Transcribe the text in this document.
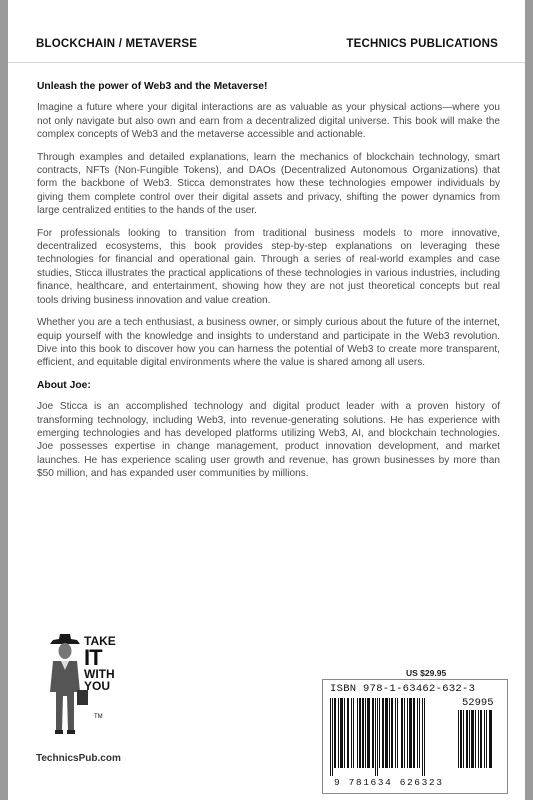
BLOCKCHAIN / METAVERSE	TECHNICS PUBLICATIONS

Unleash the power of Web3 and the Metaverse!

Imagine a future where your digital interactions are as valuable as your physical actions—where you not only navigate but also own and earn from a decentralized digital universe. This book will make the complex concepts of Web3 and the metaverse accessible and actionable.

Through examples and detailed explanations, learn the mechanics of blockchain technology, smart contracts, NFTs (Non-Fungible Tokens), and DAOs (Decentralized Autonomous Organizations) that form the backbone of Web3. Sticca demonstrates how these technologies empower individuals by giving them complete control over their digital assets and privacy, shifting the power dynamics from large centralized entities to the hands of the user.

For professionals looking to transition from traditional business models to more innovative, decentralized ecosystems, this book provides step-by-step explanations on leveraging these technologies for financial and operational gain. Through a series of real-world examples and case studies, Sticca illustrates the practical applications of these technologies in various industries, including finance, healthcare, and entertainment, showing how they are not just theoretical concepts but real tools driving business innovation and value creation.

Whether you are a tech enthusiast, a business owner, or simply curious about the future of the internet, equip yourself with the knowledge and insights to understand and participate in the Web3 revolution. Dive into this book to discover how you can harness the potential of Web3 to create more transparent, efficient, and equitable digital environments where the value is shared among all users.

About Joe:

Joe Sticca is an accomplished technology and digital product leader with a proven history of transforming technology, including Web3, into revenue-generating solutions. He has experience with emerging technologies and has developed platforms utilizing Web3, AI, and blockchain technologies. Joe possesses expertise in change management, product innovation development, and market launches. He has experience scaling user growth and revenue, has grown businesses by more than $50 million, and has expanded user communities by millions.

TAKE

IT
WITH
YOU
TM
TechnicsPub.com
US $29.95
ISBN 978-1-63462-632-3
52995
9 781634 626323
